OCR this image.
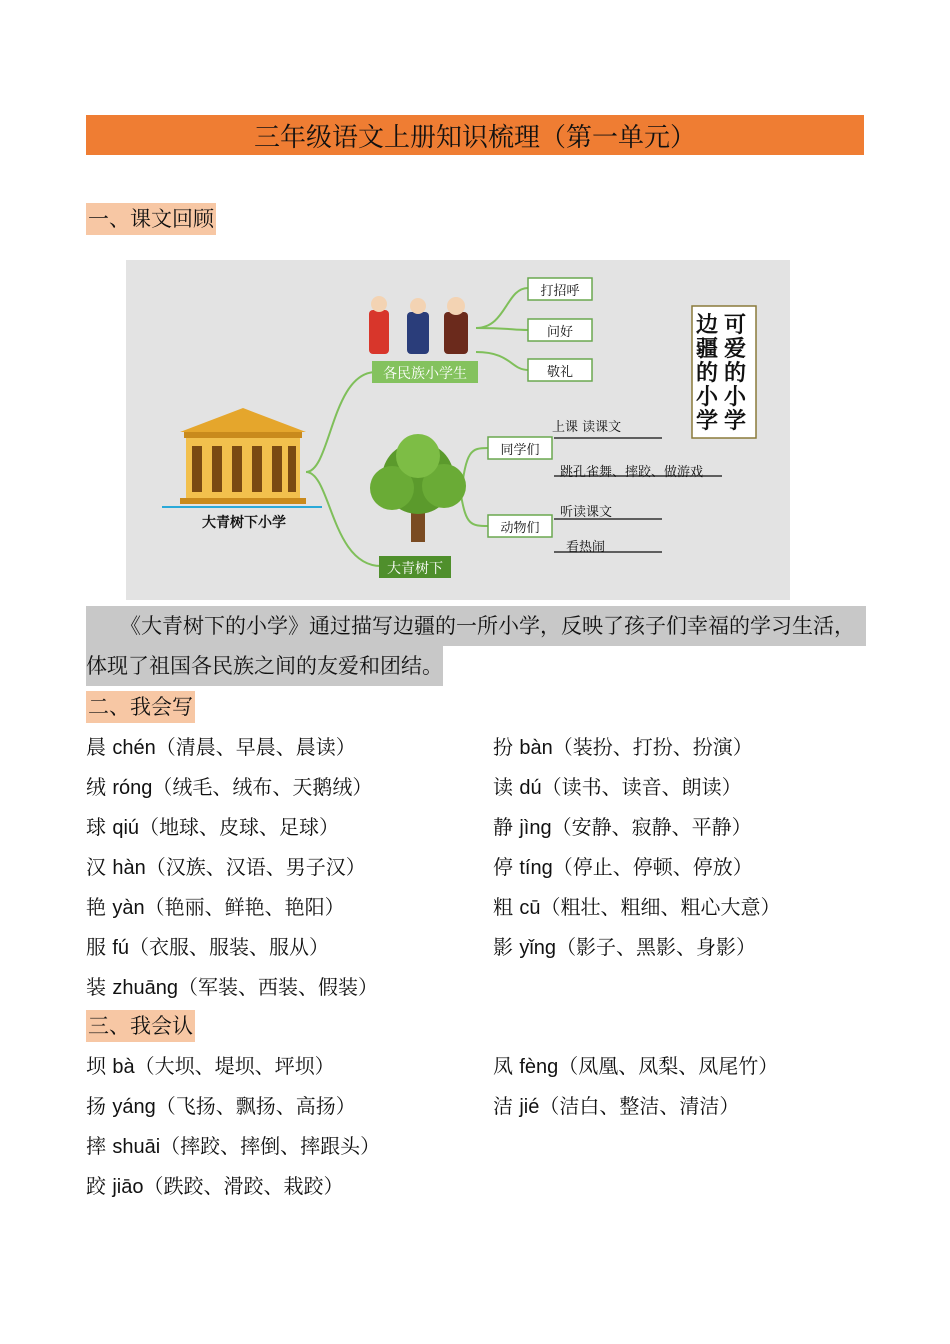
三年级语文上册知识梳理（第一单元）
一、课文回顾
大青树下小学
各民族小学生
大青树下
打招呼
问好
敬礼
同学们
动物们
上课 读课文
跳孔雀舞、摔跤、做游戏
听读课文
看热闹
可爱的小学
边疆的小学
《大青树下的小学》通过描写边疆的一所小学，反映了孩子们幸福的学习生活，
体现了祖国各民族之间的友爱和团结。
二、我会写
晨 chén（清晨、早晨、晨读）
绒 róng（绒毛、绒布、天鹅绒）
球 qiú（地球、皮球、足球）
汉 hàn（汉族、汉语、男子汉）
艳 yàn（艳丽、鲜艳、艳阳）
服 fú（衣服、服装、服从）
装 zhuāng（军装、西装、假装）
扮 bàn（装扮、打扮、扮演）
读 dú（读书、读音、朗读）
静 jìng（安静、寂静、平静）
停 tíng（停止、停顿、停放）
粗 cū（粗壮、粗细、粗心大意）
影 yǐng（影子、黑影、身影）
三、我会认
坝 bà（大坝、堤坝、坪坝）
扬 yáng（飞扬、飘扬、高扬）
摔 shuāi（摔跤、摔倒、摔跟头）
跤 jiāo（跌跤、滑跤、栽跤）
凤 fèng（凤凰、凤梨、凤尾竹）
洁 jié（洁白、整洁、清洁）
